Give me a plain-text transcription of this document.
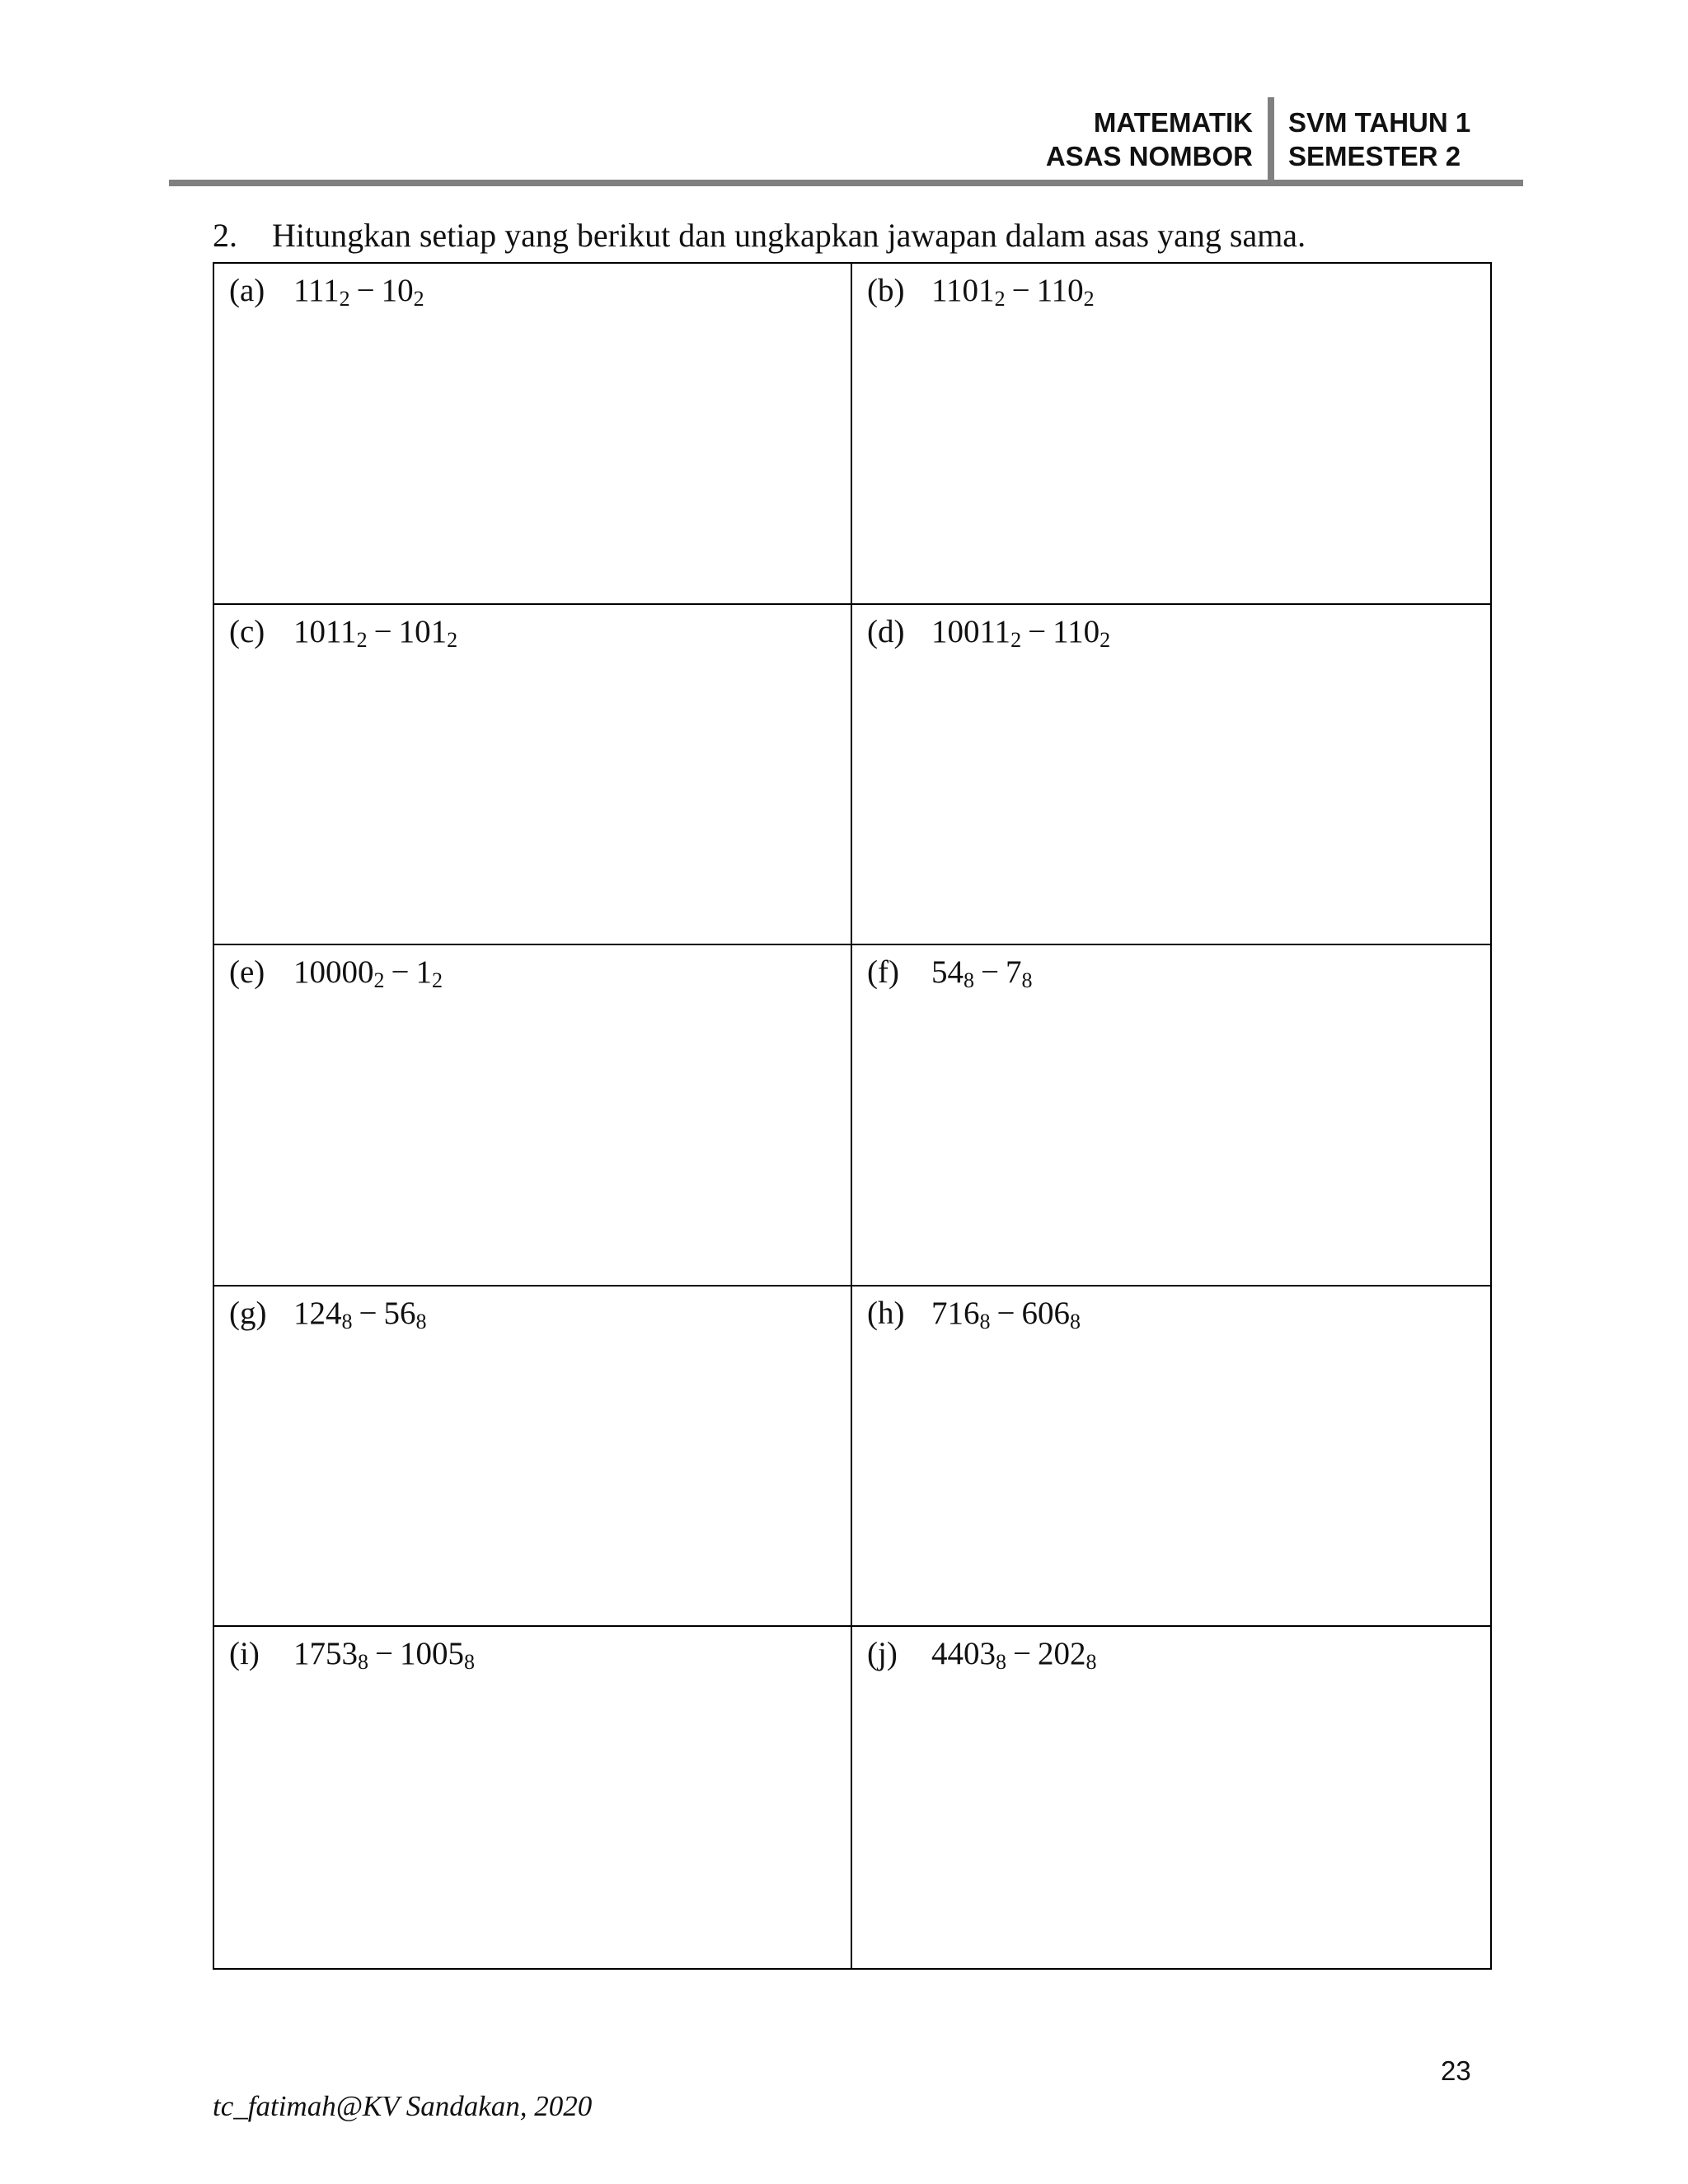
MATEMATIK
ASAS NOMBOR
SVM TAHUN 1
SEMESTER 2
2. Hitungkan setiap yang berikut dan ungkapkan jawapan dalam asas yang sama.
(a) $111_2 - 10_2$	(b) $1101_2 - 110_2$
(c) $1011_2 - 101_2$	(d) $10011_2 - 110_2$
(e) $10000_2 - 1_2$	(f) $54_8 - 7_8$
(g) $124_8 - 56_8$	(h) $716_8 - 606_8$
(i) $1753_8 - 1005_8$	(j) $4403_8 - 202_8$
23
tc_fatimah@KV Sandakan, 2020
